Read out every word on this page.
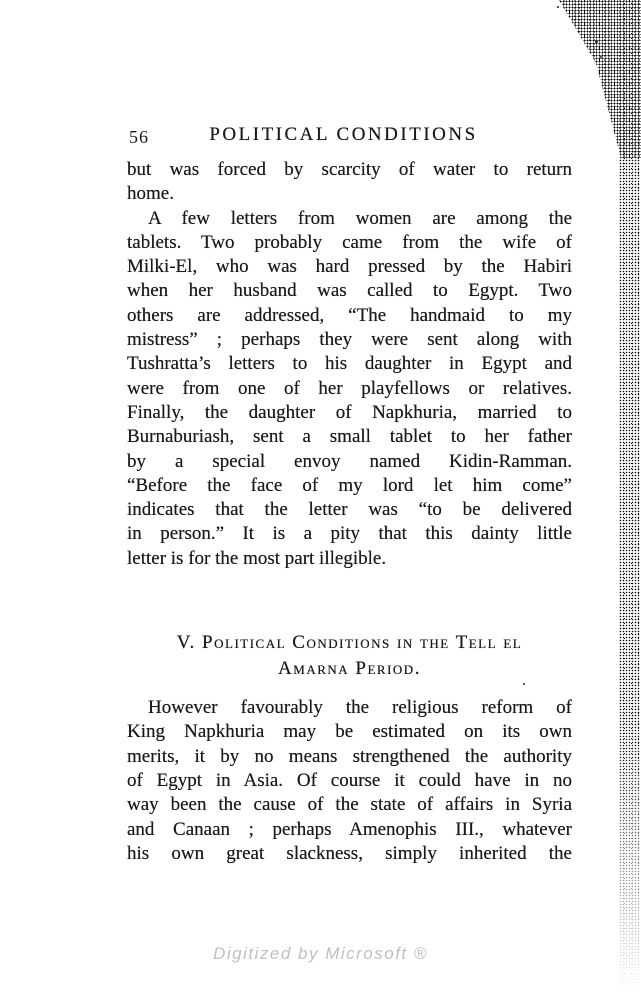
56	POLITICAL CONDITIONS
but was forced by scarcity of water to return
home.
A few letters from women are among the
tablets. Two probably came from the wife of
Milki-El, who was hard pressed by the Habiri
when her husband was called to Egypt. Two
others are addressed, “The handmaid to my
mistress” ; perhaps they were sent along with
Tushratta’s letters to his daughter in Egypt and
were from one of her playfellows or relatives.
Finally, the daughter of Napkhuria, married to
Burnaburiash, sent a small tablet to her father
by a special envoy named Kidin-Ramman.
“Before the face of my lord let him come”
indicates that the letter was “to be delivered
in person.” It is a pity that this dainty little
letter is for the most part illegible.
V. Political Conditions in the Tell el
Amarna Period.
However favourably the religious reform of
King Napkhuria may be estimated on its own
merits, it by no means strengthened the authority
of Egypt in Asia. Of course it could have in no
way been the cause of the state of affairs in Syria
and Canaan ; perhaps Amenophis III., whatever
his own great slackness, simply inherited the
Digitized by Microsoft ®
